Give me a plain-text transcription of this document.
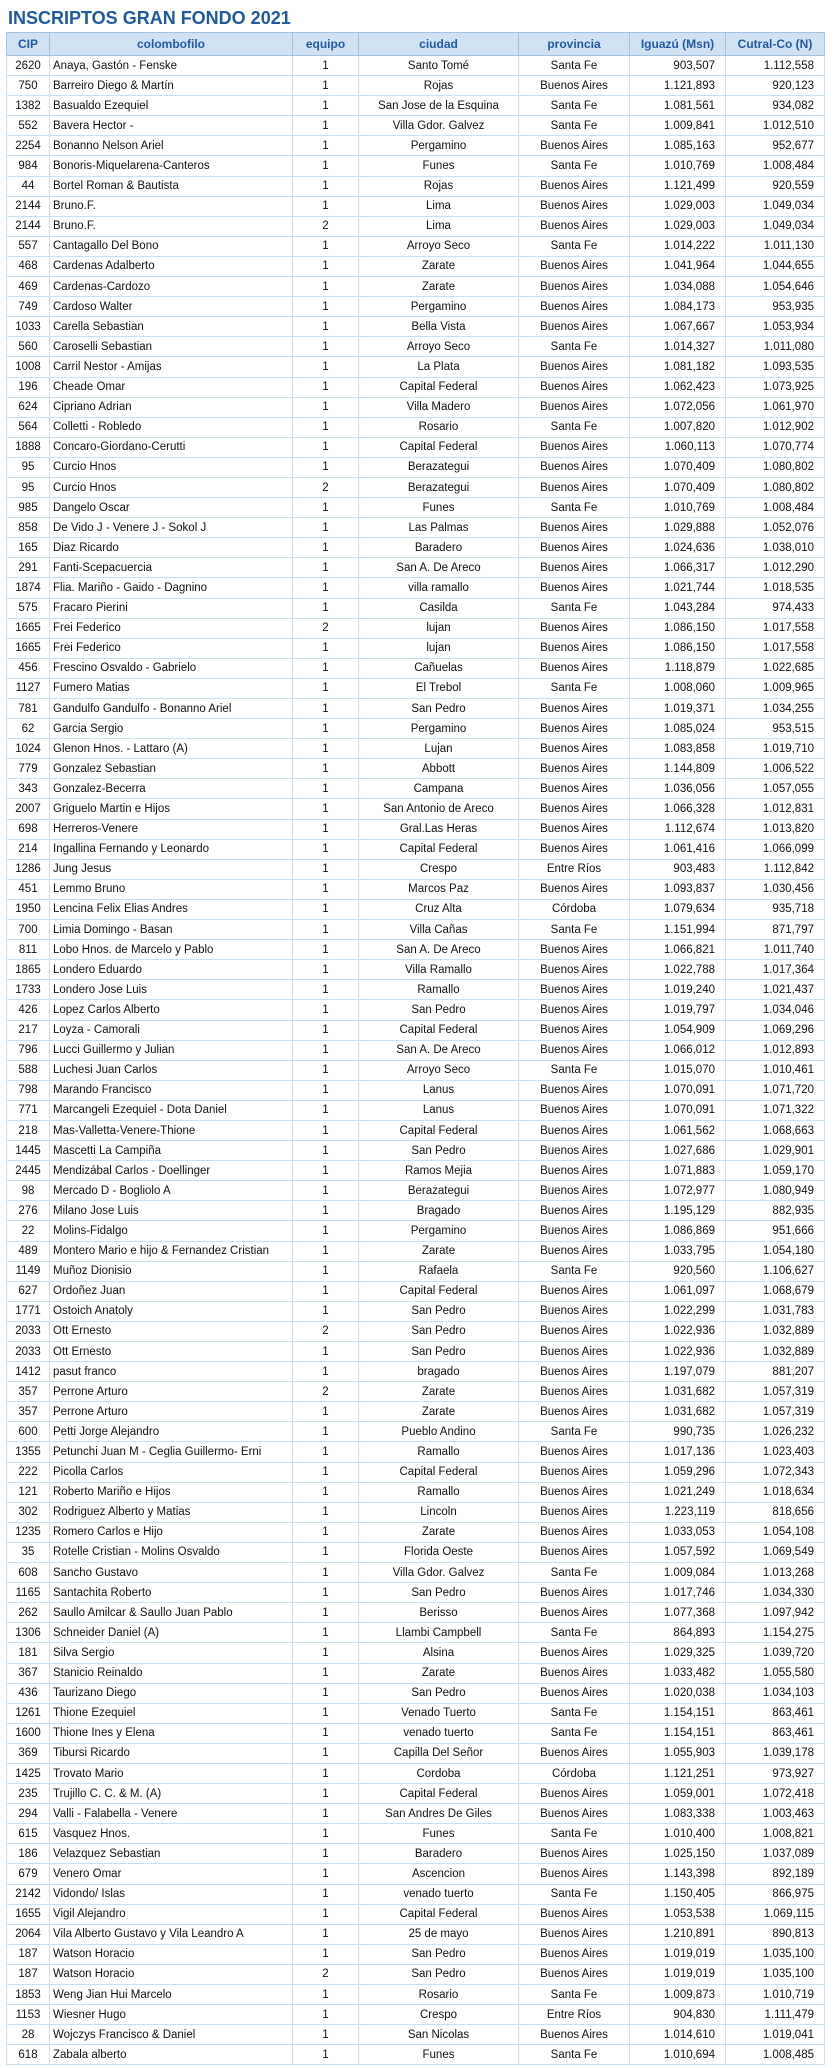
INSCRIPTOS GRAN FONDO 2021
CIP	colombofilo	equipo	ciudad	provincia	Iguazú (Msn)	Cutral-Co (N)
2620	Anaya, Gastón - Fenske	1	Santo Tomé	Santa Fe	903,507	1.112,558
750	Barreiro Diego & Martín	1	Rojas	Buenos Aires	1.121,893	920,123
1382	Basualdo Ezequiel	1	San Jose de la Esquina	Santa Fe	1.081,561	934,082
552	Bavera Hector -	1	Villa Gdor. Galvez	Santa Fe	1.009,841	1.012,510
2254	Bonanno Nelson Ariel	1	Pergamino	Buenos Aires	1.085,163	952,677
984	Bonoris-Miquelarena-Canteros	1	Funes	Santa Fe	1.010,769	1.008,484
44	Bortel Roman & Bautista	1	Rojas	Buenos Aires	1.121,499	920,559
2144	Bruno.F.	1	Lima	Buenos Aires	1.029,003	1.049,034
2144	Bruno.F.	2	Lima	Buenos Aires	1.029,003	1.049,034
557	Cantagallo Del Bono	1	Arroyo Seco	Santa Fe	1.014,222	1.011,130
468	Cardenas Adalberto	1	Zarate	Buenos Aires	1.041,964	1.044,655
469	Cardenas-Cardozo	1	Zarate	Buenos Aires	1.034,088	1.054,646
749	Cardoso Walter	1	Pergamino	Buenos Aires	1.084,173	953,935
1033	Carella Sebastian	1	Bella Vista	Buenos Aires	1.067,667	1.053,934
560	Caroselli Sebastian	1	Arroyo Seco	Santa Fe	1.014,327	1.011,080
1008	Carril Nestor - Amijas	1	La Plata	Buenos Aires	1.081,182	1.093,535
196	Cheade Omar	1	Capital Federal	Buenos Aires	1.062,423	1.073,925
624	Cipriano Adrian	1	Villa Madero	Buenos Aires	1.072,056	1.061,970
564	Colletti - Robledo	1	Rosario	Santa Fe	1.007,820	1.012,902
1888	Concaro-Giordano-Cerutti	1	Capital Federal	Buenos Aires	1.060,113	1.070,774
95	Curcio Hnos	1	Berazategui	Buenos Aires	1.070,409	1.080,802
95	Curcio Hnos	2	Berazategui	Buenos Aires	1.070,409	1.080,802
985	Dangelo Oscar	1	Funes	Santa Fe	1.010,769	1.008,484
858	De Vido J - Venere J - Sokol J	1	Las Palmas	Buenos Aires	1.029,888	1.052,076
165	Diaz Ricardo	1	Baradero	Buenos Aires	1.024,636	1.038,010
291	Fanti-Scepacuercia	1	San A. De Areco	Buenos Aires	1.066,317	1.012,290
1874	Flia. Mariño - Gaido - Dagnino	1	villa ramallo	Buenos Aires	1.021,744	1.018,535
575	Fracaro Pierini	1	Casilda	Santa Fe	1.043,284	974,433
1665	Frei Federico	2	lujan	Buenos Aires	1.086,150	1.017,558
1665	Frei Federico	1	lujan	Buenos Aires	1.086,150	1.017,558
456	Frescino Osvaldo - Gabrielo	1	Cañuelas	Buenos Aires	1.118,879	1.022,685
1127	Fumero Matias	1	El Trebol	Santa Fe	1.008,060	1.009,965
781	Gandulfo Gandulfo - Bonanno Ariel	1	San Pedro	Buenos Aires	1.019,371	1.034,255
62	Garcia Sergio	1	Pergamino	Buenos Aires	1.085,024	953,515
1024	Glenon Hnos. - Lattaro (A)	1	Lujan	Buenos Aires	1.083,858	1.019,710
779	Gonzalez Sebastian	1	Abbott	Buenos Aires	1.144,809	1.006,522
343	Gonzalez-Becerra	1	Campana	Buenos Aires	1.036,056	1.057,055
2007	Griguelo Martin e Hijos	1	San Antonio de Areco	Buenos Aires	1.066,328	1.012,831
698	Herreros-Venere	1	Gral.Las Heras	Buenos Aires	1.112,674	1.013,820
214	Ingallina Fernando y Leonardo	1	Capital Federal	Buenos Aires	1.061,416	1.066,099
1286	Jung Jesus	1	Crespo	Entre Ríos	903,483	1.112,842
451	Lemmo Bruno	1	Marcos Paz	Buenos Aires	1.093,837	1.030,456
1950	Lencina Felix Elias Andres	1	Cruz Alta	Córdoba	1.079,634	935,718
700	Limia Domingo - Basan	1	Villa Cañas	Santa Fe	1.151,994	871,797
811	Lobo Hnos. de Marcelo y Pablo	1	San A. De Areco	Buenos Aires	1.066,821	1.011,740
1865	Londero Eduardo	1	Villa Ramallo	Buenos Aires	1.022,788	1.017,364
1733	Londero Jose Luis	1	Ramallo	Buenos Aires	1.019,240	1.021,437
426	Lopez Carlos Alberto	1	San Pedro	Buenos Aires	1.019,797	1.034,046
217	Loyza - Camorali	1	Capital Federal	Buenos Aires	1.054,909	1.069,296
796	Lucci Guillermo y Julian	1	San A. De Areco	Buenos Aires	1.066,012	1.012,893
588	Luchesi Juan Carlos	1	Arroyo Seco	Santa Fe	1.015,070	1.010,461
798	Marando Francisco	1	Lanus	Buenos Aires	1.070,091	1.071,720
771	Marcangeli Ezequiel - Dota Daniel	1	Lanus	Buenos Aires	1.070,091	1.071,322
218	Mas-Valletta-Venere-Thione	1	Capital Federal	Buenos Aires	1.061,562	1.068,663
1445	Mascetti La Campiña	1	San Pedro	Buenos Aires	1.027,686	1.029,901
2445	Mendizábal Carlos - Doellinger	1	Ramos Mejia	Buenos Aires	1.071,883	1.059,170
98	Mercado D - Bogliolo A	1	Berazategui	Buenos Aires	1.072,977	1.080,949
276	Milano Jose Luis	1	Bragado	Buenos Aires	1.195,129	882,935
22	Molins-Fidalgo	1	Pergamino	Buenos Aires	1.086,869	951,666
489	Montero Mario e hijo & Fernandez Cristian	1	Zarate	Buenos Aires	1.033,795	1.054,180
1149	Muñoz Dionisio	1	Rafaela	Santa Fe	920,560	1.106,627
627	Ordoñez Juan	1	Capital Federal	Buenos Aires	1.061,097	1.068,679
1771	Ostoich Anatoly	1	San Pedro	Buenos Aires	1.022,299	1.031,783
2033	Ott Ernesto	2	San Pedro	Buenos Aires	1.022,936	1.032,889
2033	Ott Ernesto	1	San Pedro	Buenos Aires	1.022,936	1.032,889
1412	pasut franco	1	bragado	Buenos Aires	1.197,079	881,207
357	Perrone Arturo	2	Zarate	Buenos Aires	1.031,682	1.057,319
357	Perrone Arturo	1	Zarate	Buenos Aires	1.031,682	1.057,319
600	Petti Jorge Alejandro	1	Pueblo Andino	Santa Fe	990,735	1.026,232
1355	Petunchi Juan M - Ceglia Guillermo- Erni	1	Ramallo	Buenos Aires	1.017,136	1.023,403
222	Picolla Carlos	1	Capital Federal	Buenos Aires	1.059,296	1.072,343
121	Roberto Mariño e Hijos	1	Ramallo	Buenos Aires	1.021,249	1.018,634
302	Rodriguez Alberto y Matias	1	Lincoln	Buenos Aires	1.223,119	818,656
1235	Romero Carlos e Hijo	1	Zarate	Buenos Aires	1.033,053	1.054,108
35	Rotelle Cristian - Molins Osvaldo	1	Florida Oeste	Buenos Aires	1.057,592	1.069,549
608	Sancho Gustavo	1	Villa Gdor. Galvez	Santa Fe	1.009,084	1.013,268
1165	Santachita Roberto	1	San Pedro	Buenos Aires	1.017,746	1.034,330
262	Saullo Amilcar & Saullo Juan Pablo	1	Berisso	Buenos Aires	1.077,368	1.097,942
1306	Schneider Daniel (A)	1	Llambi Campbell	Santa Fe	864,893	1.154,275
181	Silva Sergio	1	Alsina	Buenos Aires	1.029,325	1.039,720
367	Stanicio Reinaldo	1	Zarate	Buenos Aires	1.033,482	1.055,580
436	Taurizano Diego	1	San Pedro	Buenos Aires	1.020,038	1.034,103
1261	Thione Ezequiel	1	Venado Tuerto	Santa Fe	1.154,151	863,461
1600	Thione Ines y Elena	1	venado tuerto	Santa Fe	1.154,151	863,461
369	Tibursi Ricardo	1	Capilla Del Señor	Buenos Aires	1.055,903	1.039,178
1425	Trovato Mario	1	Cordoba	Córdoba	1.121,251	973,927
235	Trujillo C. C. & M. (A)	1	Capital Federal	Buenos Aires	1.059,001	1.072,418
294	Valli - Falabella - Venere	1	San Andres De Giles	Buenos Aires	1.083,338	1.003,463
615	Vasquez Hnos.	1	Funes	Santa Fe	1.010,400	1.008,821
186	Velazquez Sebastian	1	Baradero	Buenos Aires	1.025,150	1.037,089
679	Venero Omar	1	Ascencion	Buenos Aires	1.143,398	892,189
2142	Vidondo/ Islas	1	venado tuerto	Santa Fe	1.150,405	866,975
1655	Vigil Alejandro	1	Capital Federal	Buenos Aires	1.053,538	1.069,115
2064	Vila Alberto Gustavo y Vila Leandro A	1	25 de mayo	Buenos Aires	1.210,891	890,813
187	Watson Horacio	1	San Pedro	Buenos Aires	1.019,019	1.035,100
187	Watson Horacio	2	San Pedro	Buenos Aires	1.019,019	1.035,100
1853	Weng Jian Hui Marcelo	1	Rosario	Santa Fe	1.009,873	1.010,719
1153	Wiesner Hugo	1	Crespo	Entre Ríos	904,830	1.111,479
28	Wojczys Francisco & Daniel	1	San Nicolas	Buenos Aires	1.014,610	1.019,041
618	Zabala alberto	1	Funes	Santa Fe	1.010,694	1.008,485
